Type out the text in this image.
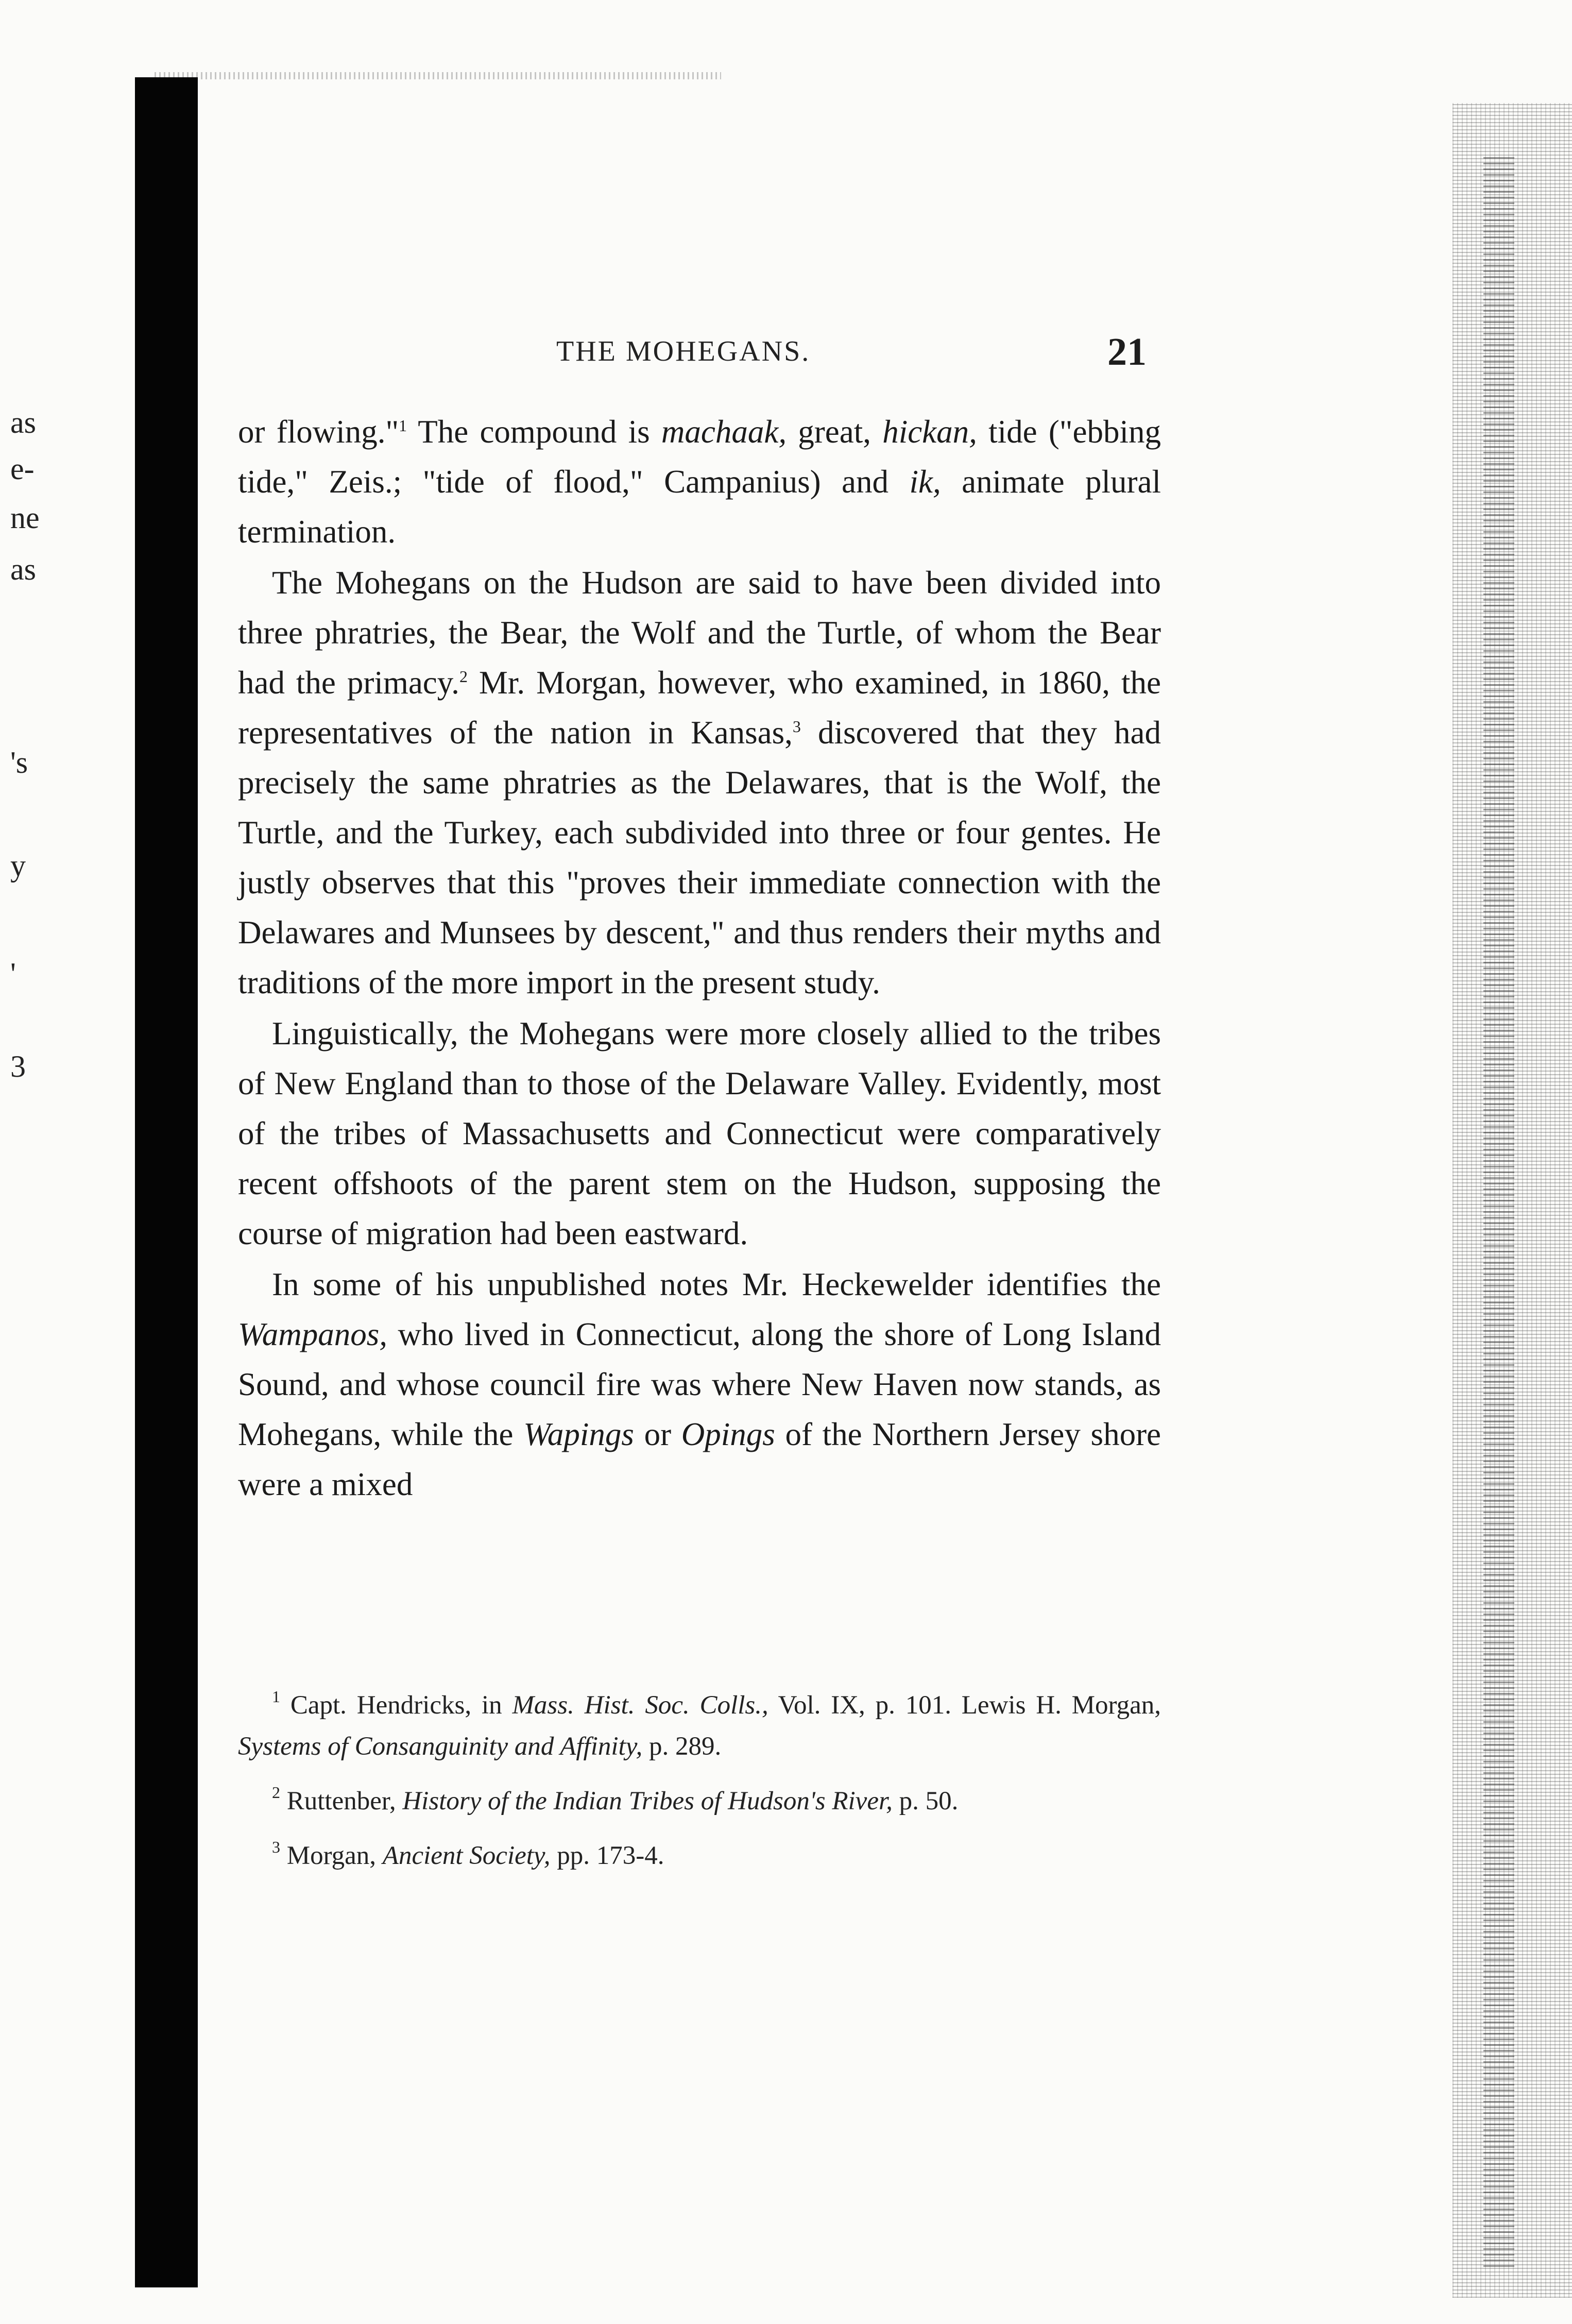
as
e-
ne
as
's
y
'
3
THE MOHEGANS.	21

or flowing."$^1$ The compound is machaak, great, hickan, tide ("ebbing tide," Zeis.; "tide of flood," Campanius) and ik, animate plural termination.

The Mohegans on the Hudson are said to have been divided into three phratries, the Bear, the Wolf and the Turtle, of whom the Bear had the primacy.$^2$ Mr. Morgan, however, who examined, in 1860, the representatives of the nation in Kansas,$^3$ discovered that they had precisely the same phratries as the Delawares, that is the Wolf, the Turtle, and the Turkey, each subdivided into three or four gentes. He justly observes that this "proves their immediate connection with the Delawares and Munsees by descent," and thus renders their myths and traditions of the more import in the present study.

Linguistically, the Mohegans were more closely allied to the tribes of New England than to those of the Delaware Valley. Evidently, most of the tribes of Massachusetts and Connecticut were comparatively recent offshoots of the parent stem on the Hudson, supposing the course of migration had been eastward.

In some of his unpublished notes Mr. Heckewelder identifies the Wampanos, who lived in Connecticut, along the shore of Long Island Sound, and whose council fire was where New Haven now stands, as Mohegans, while the Wapings or Opings of the Northern Jersey shore were a mixed

$^1$ Capt. Hendricks, in Mass. Hist. Soc. Colls., Vol. IX, p. 101. Lewis H. Morgan, Systems of Consanguinity and Affinity, p. 289.

$^2$ Ruttenber, History of the Indian Tribes of Hudson's River, p. 50.

$^3$ Morgan, Ancient Society, pp. 173-4.
